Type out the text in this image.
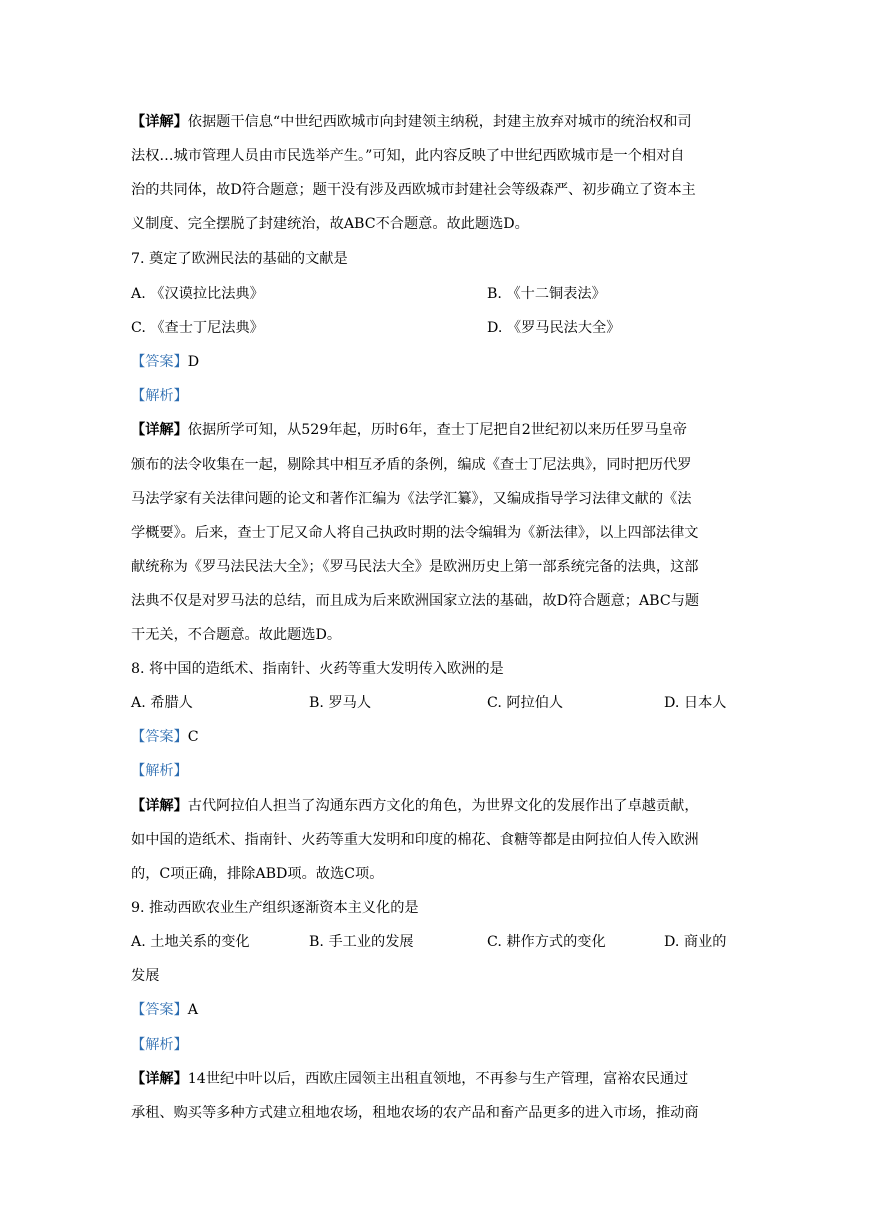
【详解】依据题干信息“中世纪西欧城市向封建领主纳税，封建主放弃对城市的统治权和司
法权…城市管理人员由市民选举产生。”可知，此内容反映了中世纪西欧城市是一个相对自
治的共同体，故D符合题意；题干没有涉及西欧城市封建社会等级森严、初步确立了资本主
义制度、完全摆脱了封建统治，故ABC不合题意。故此题选D。
7. 奠定了欧洲民法的基础的文献是
A. 《汉谟拉比法典》	B. 《十二铜表法》
C. 《查士丁尼法典》	D. 《罗马民法大全》
【答案】D
【解析】
【详解】依据所学可知，从529年起，历时6年，查士丁尼把自2世纪初以来历任罗马皇帝
颁布的法令收集在一起，剔除其中相互矛盾的条例，编成《查士丁尼法典》，同时把历代罗
马法学家有关法律问题的论文和著作汇编为《法学汇纂》，又编成指导学习法律文献的《法
学概要》。后来，查士丁尼又命人将自己执政时期的法令编辑为《新法律》，以上四部法律文
献统称为《罗马法民法大全》；《罗马民法大全》是欧洲历史上第一部系统完备的法典，这部
法典不仅是对罗马法的总结，而且成为后来欧洲国家立法的基础，故D符合题意；ABC与题
干无关，不合题意。故此题选D。
8. 将中国的造纸术、指南针、火药等重大发明传入欧洲的是
A. 希腊人	B. 罗马人	C. 阿拉伯人	D. 日本人
【答案】C
【解析】
【详解】古代阿拉伯人担当了沟通东西方文化的角色，为世界文化的发展作出了卓越贡献，
如中国的造纸术、指南针、火药等重大发明和印度的棉花、食糖等都是由阿拉伯人传入欧洲
的，C项正确，排除ABD项。故选C项。
9. 推动西欧农业生产组织逐渐资本主义化的是
A. 土地关系的变化	B. 手工业的发展	C. 耕作方式的变化	D. 商业的
发展
【答案】A
【解析】
【详解】14世纪中叶以后，西欧庄园领主出租直领地，不再参与生产管理，富裕农民通过
承租、购买等多种方式建立租地农场，租地农场的农产品和畜产品更多的进入市场，推动商
